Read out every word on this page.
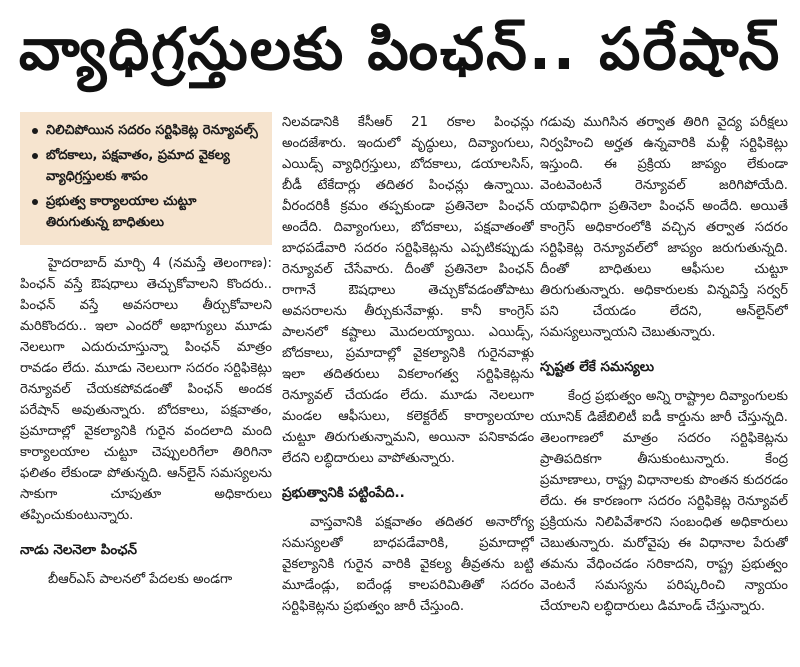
వ్యాధిగ్రస్తులకు పింఛన్.. పరేషాన్
నిలిచిపోయిన సదరం సర్టిఫికెట్ల రెన్యూవల్స్
బోదకాలు, పక్షవాతం, ప్రమాద వైకల్య వ్యాధిగ్రస్తులకు శాపం
ప్రభుత్వ కార్యాలయాల చుట్టూ తిరుగుతున్న బాధితులు

హైదరాబాద్ మార్చి 4 (నమస్తే తెలంగాణ): పింఛన్ వస్తే ఔషధాలు తెచ్చుకోవాలని కొందరు.. పింఛన్ వస్తే అవసరాలు తీర్చుకోవాలని మరికొందరు.. ఇలా ఎందరో అభాగ్యులు మూడు నెలలుగా ఎదురుచూస్తున్నా పింఛన్ మాత్రం రావడం లేదు. మూడు నెలలుగా సదరం సర్టిఫికెట్లు రెన్యూవల్ చేయకపోవడంతో పింఛన్ అందక పరేషాన్ అవుతున్నారు. బోదకాలు, పక్షవాతం, ప్రమాదాల్లో వైకల్యానికి గురైన వందలాది మంది కార్యాలయాల చుట్టూ చెప్పులరిగేలా తిరిగినా ఫలితం లేకుండా పోతున్నది. ఆన్‌లైన్ సమస్యలను సాకుగా చూపుతూ అధికారులు తప్పించుకుంటున్నారు.

నాడు నెలనెలా పింఛన్

బీఆర్‌ఎస్ పాలనలో పేదలకు అండగా

నిలవడానికి కేసీఆర్ 21 రకాల పింఛన్లు అందజేశారు. ఇందులో వృద్ధులు, దివ్యాంగులు, ఎయిడ్స్ వ్యాధిగ్రస్తులు, బోదకాలు, డయాలసిస్, బీడీ టేకేదార్లు తదితర పింఛన్లు ఉన్నాయి. వీరందరికీ క్రమం తప్పకుండా ప్రతినెలా పింఛన్ అందేది. దివ్యాంగులు, బోదకాలు, పక్షవాతంతో బాధపడేవారి సదరం సర్టిఫికెట్లను ఎప్పటికప్పుడు రెన్యూవల్ చేసేవారు. దీంతో ప్రతినెలా పింఛన్ రాగానే ఔషధాలు తెచ్చుకోవడంతోపాటు అవసరాలను తీర్చుకునేవాళ్లు. కానీ కాంగ్రెస్ పాలనలో కష్టాలు మొదలయ్యాయి. ఎయిడ్స్, బోదకాలు, ప్రమాదాల్లో వైకల్యానికి గురైనవాళ్లు ఇలా తదితరులు వికలాంగత్వ సర్టిఫికెట్లను రెన్యూవల్ చేయడం లేదు. మూడు నెలలుగా మండల ఆఫీసులు, కలెక్టరేట్ కార్యాలయాల చుట్టూ తిరుగుతున్నామని, అయినా పనికావడం లేదని లబ్ధిదారులు వాపోతున్నారు.

ప్రభుత్వానికి పట్టింపేది..

వాస్తవానికి పక్షవాతం తదితర అనారోగ్య సమస్యలతో బాధపడేవారికి, ప్రమాదాల్లో వైకల్యానికి గురైన వారికి వైకల్య తీవ్రతను బట్టి మూడేండ్లు, ఐదేండ్ల కాలపరిమితితో సదరం సర్టిఫికెట్లను ప్రభుత్వం జారీ చేస్తుంది.

గడువు ముగిసిన తర్వాత తిరిగి వైద్య పరీక్షలు నిర్వహించి అర్హత ఉన్నవారికి మళ్లీ సర్టిఫికెట్లు ఇస్తుంది. ఈ ప్రక్రియ జాప్యం లేకుండా వెంటవెంటనే రెన్యూవల్ జరిగిపోయేది. యథావిధిగా ప్రతినెలా పింఛన్ అందేది. అయితే కాంగ్రెస్ అధికారంలోకి వచ్చిన తర్వాత సదరం సర్టిఫికెట్ల రెన్యూవల్‌లో జాప్యం జరుగుతున్నది. దీంతో బాధితులు ఆఫీసుల చుట్టూ తిరుగుతున్నారు. అధికారులకు విన్నవిస్తే సర్వర్ పని చేయడం లేదని, ఆన్‌లైన్‌లో సమస్యలున్నాయని చెబుతున్నారు.

స్పష్టత లేకే సమస్యలు

కేంద్ర ప్రభుత్వం అన్ని రాష్ట్రాల దివ్యాంగులకు యూనిక్ డిజేబిలిటీ ఐడీ కార్డును జారీ చేస్తున్నది. తెలంగాణలో మాత్రం సదరం సర్టిఫికెట్లను ప్రాతిపదికగా తీసుకుంటున్నారు. కేంద్ర ప్రమాణాలు, రాష్ట్ర విధానాలకు పొంతన కుదరడం లేదు. ఈ కారణంగా సదరం సర్టిఫికెట్ల రెన్యూవల్ ప్రక్రియను నిలిపివేశారని సంబంధిత అధికారులు చెబుతున్నారు. మరోవైపు ఈ విధానాల పేరుతో తమను వేధించడం సరికాదని, రాష్ట్ర ప్రభుత్వం వెంటనే సమస్యను పరిష్కరించి న్యాయం చేయాలని లబ్ధిదారులు డిమాండ్ చేస్తున్నారు.
